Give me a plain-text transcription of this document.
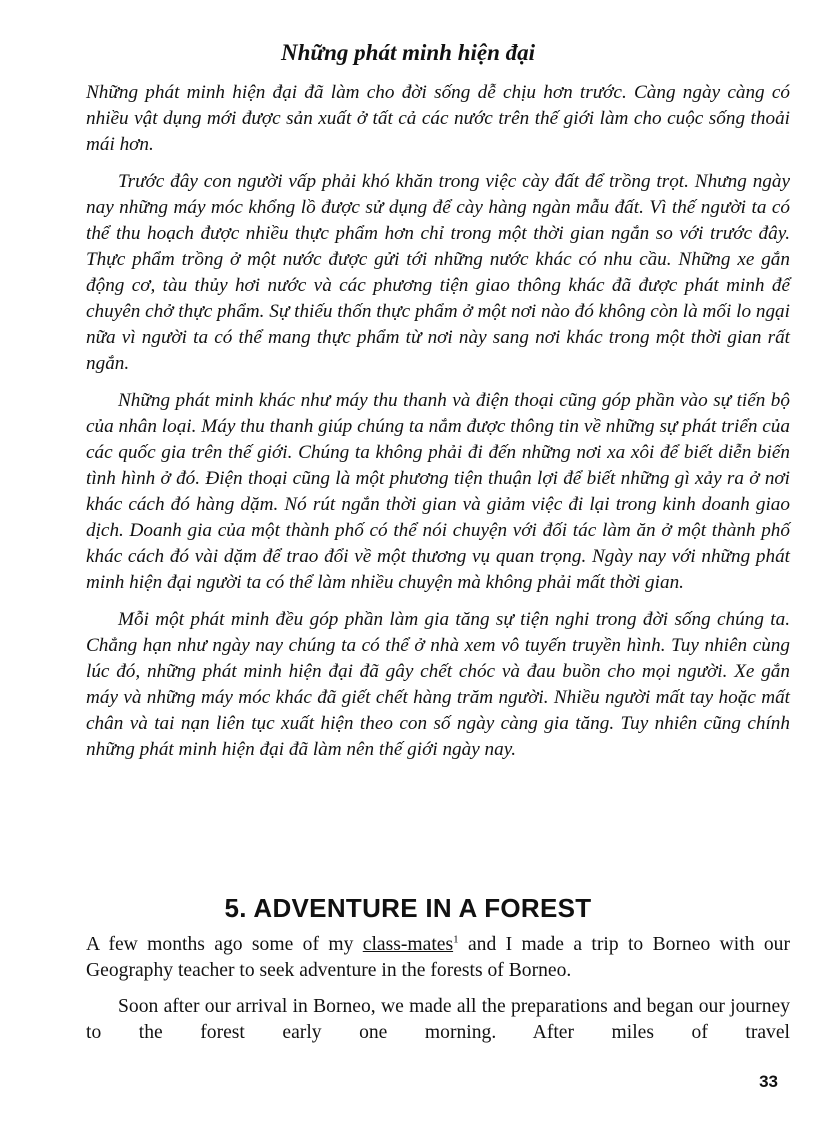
Những phát minh hiện đại

Những phát minh hiện đại đã làm cho đời sống dễ chịu hơn trước. Càng ngày càng có nhiều vật dụng mới được sản xuất ở tất cả các nước trên thế giới làm cho cuộc sống thoải mái hơn.

Trước đây con người vấp phải khó khăn trong việc cày đất để trồng trọt. Nhưng ngày nay những máy móc khổng lồ được sử dụng để cày hàng ngàn mẫu đất. Vì thế người ta có thể thu hoạch được nhiều thực phẩm hơn chỉ trong một thời gian ngắn so với trước đây. Thực phẩm trồng ở một nước được gửi tới những nước khác có nhu cầu. Những xe gắn động cơ, tàu thủy hơi nước và các phương tiện giao thông khác đã được phát minh để chuyên chở thực phẩm. Sự thiếu thốn thực phẩm ở một nơi nào đó không còn là mối lo ngại nữa vì người ta có thể mang thực phẩm từ nơi này sang nơi khác trong một thời gian rất ngắn.

Những phát minh khác như máy thu thanh và điện thoại cũng góp phần vào sự tiến bộ của nhân loại. Máy thu thanh giúp chúng ta nắm được thông tin về những sự phát triển của các quốc gia trên thế giới. Chúng ta không phải đi đến những nơi xa xôi để biết diễn biến tình hình ở đó. Điện thoại cũng là một phương tiện thuận lợi để biết những gì xảy ra ở nơi khác cách đó hàng dặm. Nó rút ngắn thời gian và giảm việc đi lại trong kinh doanh giao dịch. Doanh gia của một thành phố có thể nói chuyện với đối tác làm ăn ở một thành phố khác cách đó vài dặm để trao đổi về một thương vụ quan trọng. Ngày nay với những phát minh hiện đại người ta có thể làm nhiều chuyện mà không phải mất thời gian.

Mỗi một phát minh đều góp phần làm gia tăng sự tiện nghi trong đời sống chúng ta. Chẳng hạn như ngày nay chúng ta có thể ở nhà xem vô tuyến truyền hình. Tuy nhiên cùng lúc đó, những phát minh hiện đại đã gây chết chóc và đau buồn cho mọi người. Xe gắn máy và những máy móc khác đã giết chết hàng trăm người. Nhiều người mất tay hoặc mất chân và tai nạn liên tục xuất hiện theo con số ngày càng gia tăng. Tuy nhiên cũng chính những phát minh hiện đại đã làm nên thế giới ngày nay.

5. ADVENTURE IN A FOREST

A few months ago some of my class-mates$^1$ and I made a trip to Borneo with our Geography teacher to seek adventure in the forests of Borneo.

Soon after our arrival in Borneo, we made all the preparations and began our journey to the forest early one morning. After miles of travel

33
